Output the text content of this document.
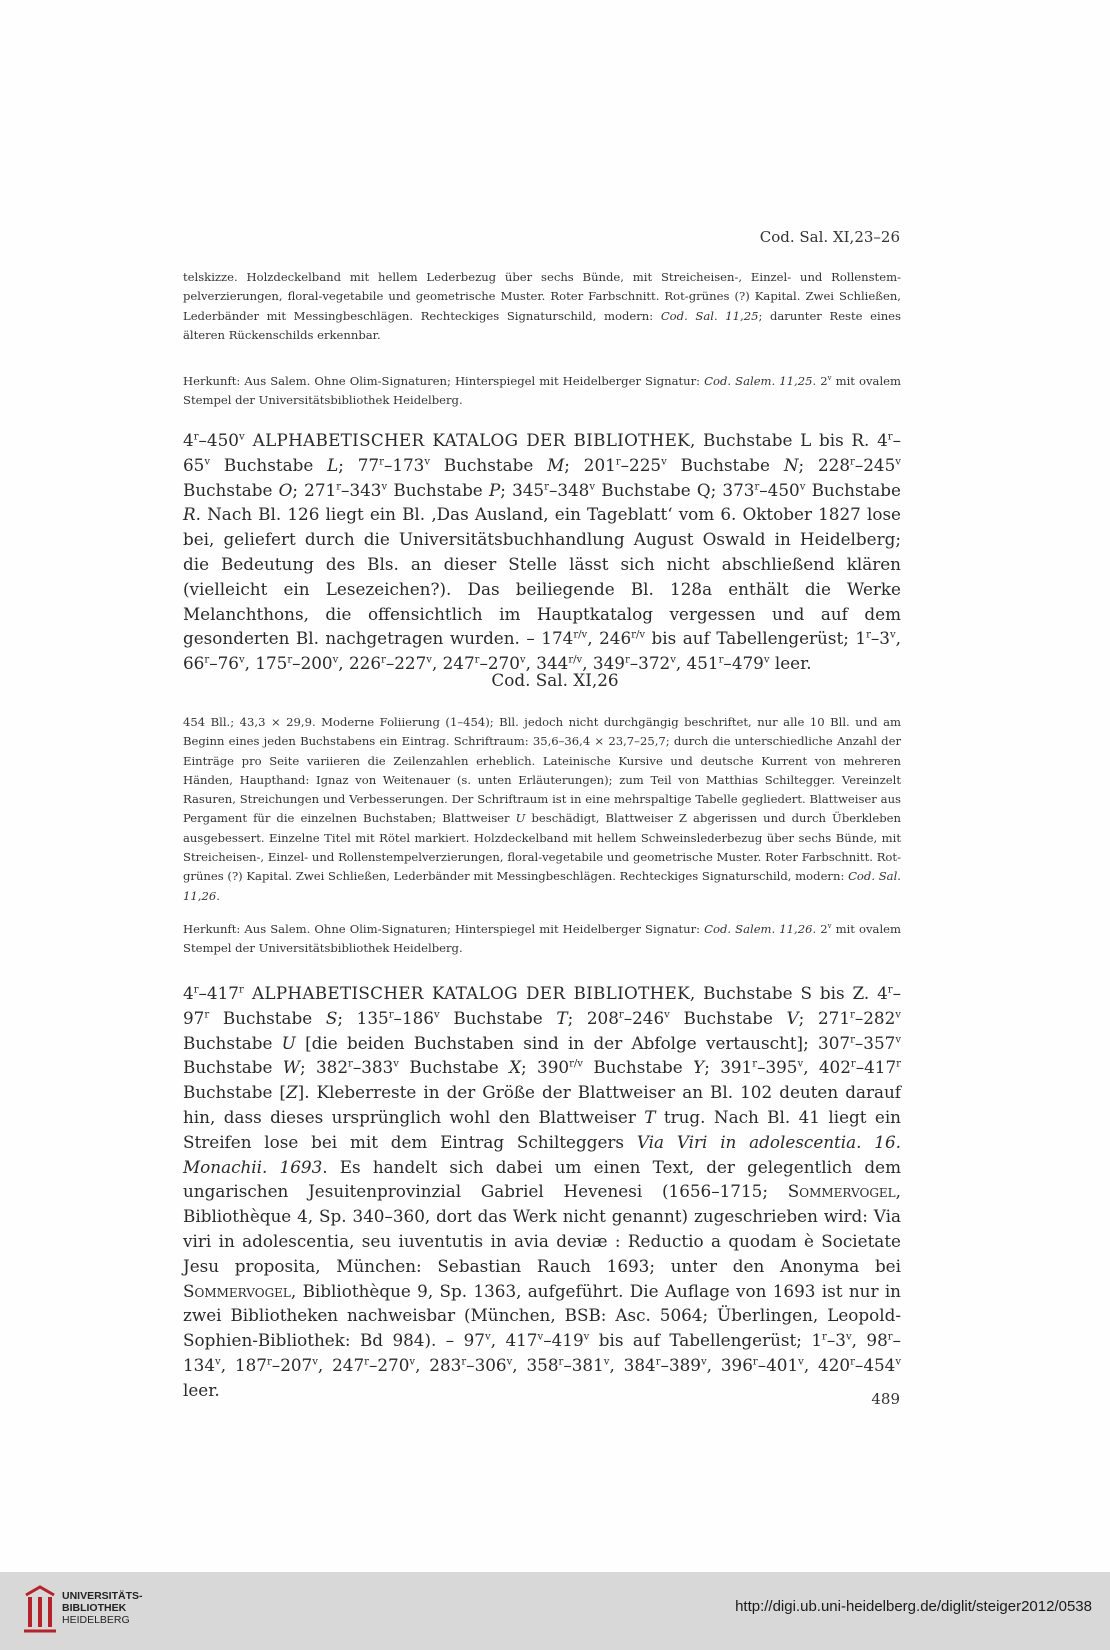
Cod. Sal. XI,23–26

telskizze. Holzdeckelband mit hellem Lederbezug über sechs Bünde, mit Streicheisen-, Einzel- und Rollenstempelverzierungen, floral-vegetabile und geometrische Muster. Roter Farbschnitt. Rot-grünes (?) Kapital. Zwei Schließen, Lederbänder mit Messingbeschlägen. Rechteckiges Signaturschild, modern: Cod. Sal. 11,25; darunter Reste eines älteren Rückenschilds erkennbar.

Herkunft: Aus Salem. Ohne Olim-Signaturen; Hinterspiegel mit Heidelberger Signatur: Cod. Salem. 11,25. 2$^v$ mit ovalem Stempel der Universitätsbibliothek Heidelberg.

4$^r$–450$^v$ ALPHABETISCHER KATALOG DER BIBLIOTHEK, Buchstabe L bis R. 4$^r$–65$^v$ Buchstabe L; 77$^r$–173$^v$ Buchstabe M; 201$^r$–225$^v$ Buchstabe N; 228$^r$–245$^v$ Buchstabe O; 271$^r$–343$^v$ Buchstabe P; 345$^r$–348$^v$ Buchstabe Q; 373$^r$–450$^v$ Buchstabe R. Nach Bl. 126 liegt ein Bl. ‚Das Ausland, ein Tageblatt‘ vom 6. Oktober 1827 lose bei, geliefert durch die Universitätsbuchhandlung August Oswald in Heidelberg; die Bedeutung des Bls. an dieser Stelle lässt sich nicht abschließend klären (vielleicht ein Lesezeichen?). Das beiliegende Bl. 128a enthält die Werke Melanchthons, die offensichtlich im Hauptkatalog vergessen und auf dem gesonderten Bl. nachgetragen wurden. – $174^{r/v}$, $246^{r/v}$ bis auf Tabellengerüst; 1$^r$–3$^v$, 66$^r$–76$^v$, 175$^r$–200$^v$, 226$^r$–227$^v$, 247$^r$–270$^v$, $344^{r/v}$, 349$^r$–372$^v$, 451$^r$–479$^v$ leer.

Cod. Sal. XI,26

454 Bll.; 43,3 × 29,9. Moderne Foliierung (1–454); Bll. jedoch nicht durchgängig beschriftet, nur alle 10 Bll. und am Beginn eines jeden Buchstabens ein Eintrag. Schriftraum: 35,6–36,4 × 23,7–25,7; durch die unterschiedliche Anzahl der Einträge pro Seite variieren die Zeilenzahlen erheblich. Lateinische Kursive und deutsche Kurrent von mehreren Händen, Haupthand: Ignaz von Weitenauer (s. unten Erläuterungen); zum Teil von Matthias Schiltegger. Vereinzelt Rasuren, Streichungen und Verbesserungen. Der Schriftraum ist in eine mehrspaltige Tabelle gegliedert. Blattweiser aus Pergament für die einzelnen Buchstaben; Blattweiser U beschädigt, Blattweiser Z abgerissen und durch Überkleben ausgebessert. Einzelne Titel mit Rötel markiert. Holzdeckelband mit hellem Schweinslederbezug über sechs Bünde, mit Streicheisen-, Einzel- und Rollenstempelverzierungen, floral-vegetabile und geometrische Muster. Roter Farbschnitt. Rot-grünes (?) Kapital. Zwei Schließen, Lederbänder mit Messingbeschlägen. Rechteckiges Signaturschild, modern: Cod. Sal. 11,26.

Herkunft: Aus Salem. Ohne Olim-Signaturen; Hinterspiegel mit Heidelberger Signatur: Cod. Salem. 11,26. 2$^v$ mit ovalem Stempel der Universitätsbibliothek Heidelberg.

4$^r$–417$^r$ ALPHABETISCHER KATALOG DER BIBLIOTHEK, Buchstabe S bis Z. 4$^r$–97$^r$ Buchstabe S; 135$^r$–186$^v$ Buchstabe T; 208$^r$–246$^v$ Buchstabe V; 271$^r$–282$^v$ Buchstabe U [die beiden Buchstaben sind in der Abfolge vertauscht]; 307$^r$–357$^v$ Buchstabe W; 382$^r$–383$^v$ Buchstabe X; $390^{r/v}$ Buchstabe Y; 391$^r$–395$^v$, 402$^r$–417$^r$ Buchstabe [Z]. Kleberreste in der Größe der Blattweiser an Bl. 102 deuten darauf hin, dass dieses ursprünglich wohl den Blattweiser T trug. Nach Bl. 41 liegt ein Streifen lose bei mit dem Eintrag Schilteggers Via Viri in adolescentia. 16. Monachii. 1693. Es handelt sich dabei um einen Text, der gelegentlich dem ungarischen Jesuitenprovinzial Gabriel Hevenesi (1656–1715; Sommervogel, Bibliothèque 4, Sp. 340–360, dort das Werk nicht genannt) zugeschrieben wird: Via viri in adolescentia, seu iuventutis in avia deviæ : Reductio a quodam è Societate Jesu proposita, München: Sebastian Rauch 1693; unter den Anonyma bei Sommervogel, Bibliothèque 9, Sp. 1363, aufgeführt. Die Auflage von 1693 ist nur in zwei Bibliotheken nachweisbar (München, BSB: Asc. 5064; Überlingen, Leopold-Sophien-Bibliothek: Bd 984). – 97$^v$, 417$^v$–419$^v$ bis auf Tabellengerüst; 1$^r$–3$^v$, 98$^r$–134$^v$, 187$^r$–207$^v$, 247$^r$–270$^v$, 283$^r$–306$^v$, 358$^r$–381$^v$, 384$^r$–389$^v$, 396$^r$–401$^v$, 420$^r$–454$^v$ leer.	489
UNIVERSITÄTS-
BIBLIOTHEK
HEIDELBERG
http://digi.ub.uni-heidelberg.de/diglit/steiger2012/0538
